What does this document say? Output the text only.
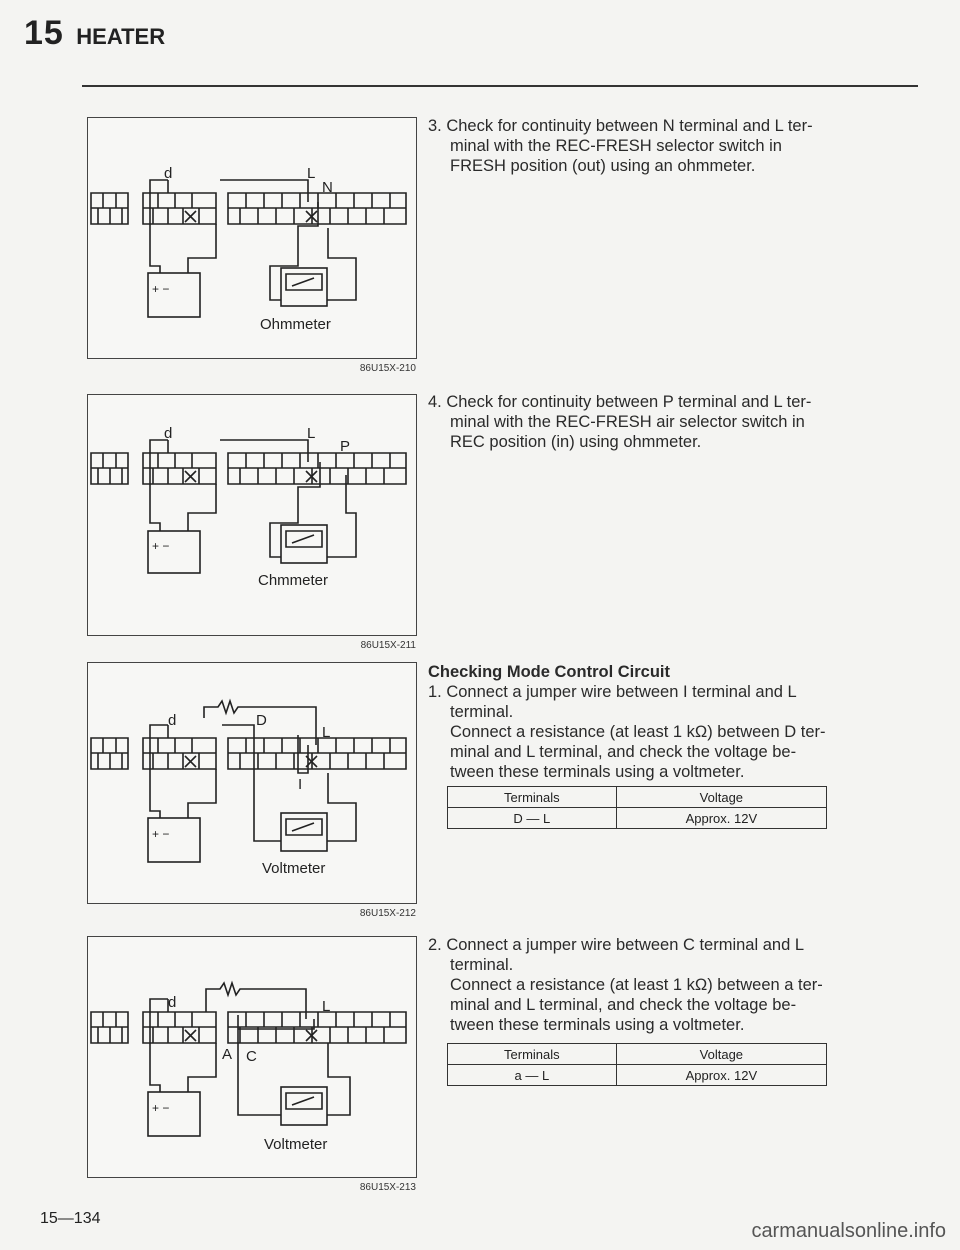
15 HEATER
d	L
N
+ −
Ohmmeter
86U15X-210
d	L
P
+ −
Chmmeter
86U15X-211
d	D
L
I
+ −
Voltmeter
86U15X-212
d	L
A C
+ −
Voltmeter
86U15X-213

3. Check for continuity between N terminal and L ter-

minal with the REC-FRESH selector switch in FRESH position (out) using an ohmmeter.

4. Check for continuity between P terminal and L ter-

minal with the REC-FRESH air selector switch in REC position (in) using ohmmeter.
Checking Mode Control Circuit

1. Connect a jumper wire between I terminal and L

terminal.
Connect a resistance (at least 1 kΩ) between D ter- minal and L terminal, and check the voltage be- tween these terminals using a voltmeter.
Terminals	Voltage
D — L	Approx. 12V

2. Connect a jumper wire between C terminal and L

terminal.
Connect a resistance (at least 1 kΩ) between a ter- minal and L terminal, and check the voltage be- tween these terminals using a voltmeter.
Terminals	Voltage
a — L	Approx. 12V
15—134
carmanualsonline.info
